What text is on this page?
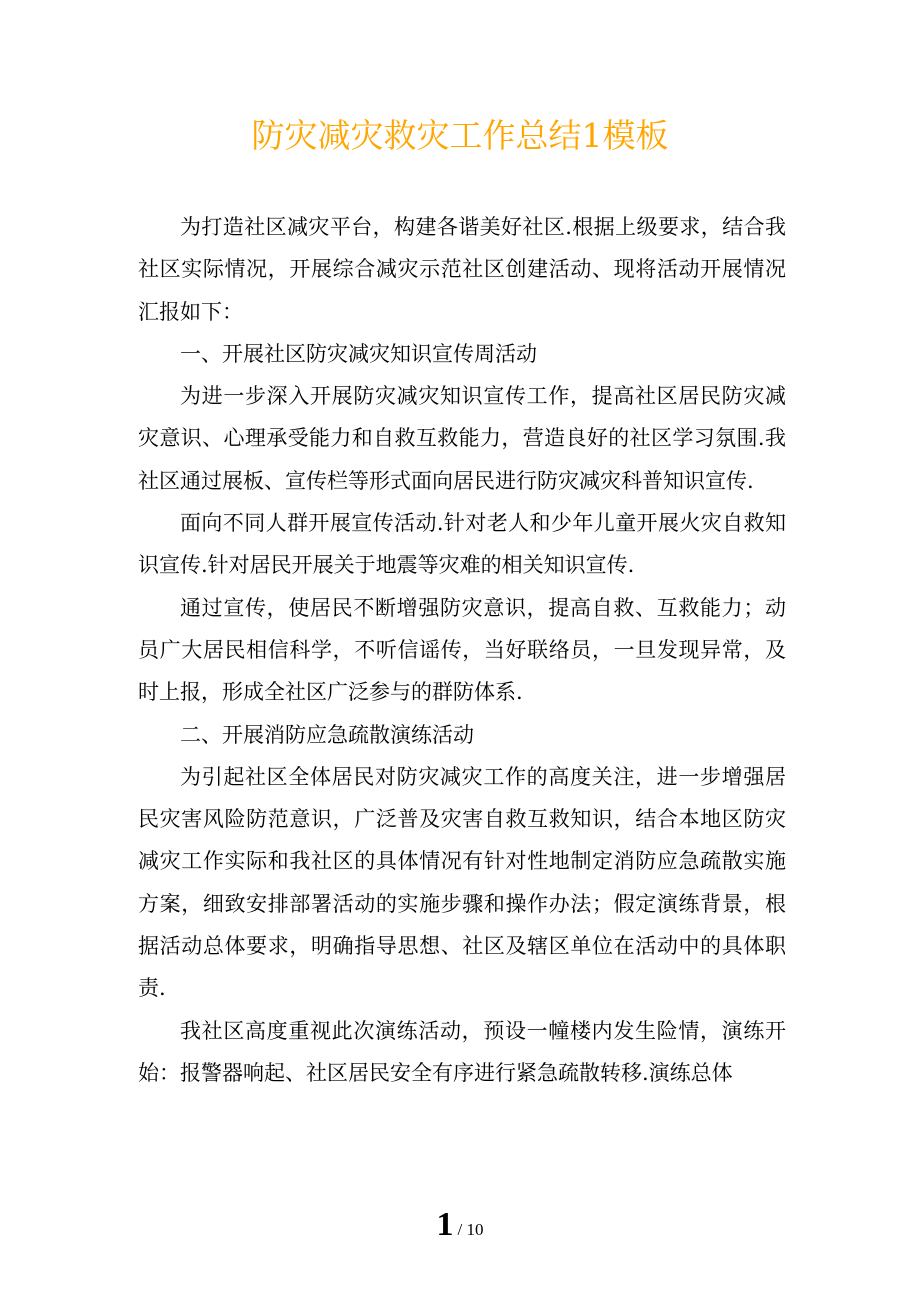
防灾减灾救灾工作总结1模板

为打造社区减灾平台，构建各谐美好社区.根据上级要求，结合我社区实际情况，开展综合减灾示范社区创建活动、现将活动开展情况汇报如下：

一、开展社区防灾减灾知识宣传周活动

为进一步深入开展防灾减灾知识宣传工作，提高社区居民防灾减灾意识、心理承受能力和自救互救能力，营造良好的社区学习氛围.我社区通过展板、宣传栏等形式面向居民进行防灾减灾科普知识宣传.

面向不同人群开展宣传活动.针对老人和少年儿童开展火灾自救知识宣传.针对居民开展关于地震等灾难的相关知识宣传.

通过宣传，使居民不断增强防灾意识，提高自救、互救能力；动员广大居民相信科学，不听信谣传，当好联络员，一旦发现异常，及时上报，形成全社区广泛参与的群防体系.

二、开展消防应急疏散演练活动

为引起社区全体居民对防灾减灾工作的高度关注，进一步增强居民灾害风险防范意识，广泛普及灾害自救互救知识，结合本地区防灾减灾工作实际和我社区的具体情况有针对性地制定消防应急疏散实施方案，细致安排部署活动的实施步骤和操作办法；假定演练背景，根据活动总体要求，明确指导思想、社区及辖区单位在活动中的具体职责.

我社区高度重视此次演练活动，预设一幢楼内发生险情，演练开始：报警器响起、社区居民安全有序进行紧急疏散转移.演练总体

1 / 10
